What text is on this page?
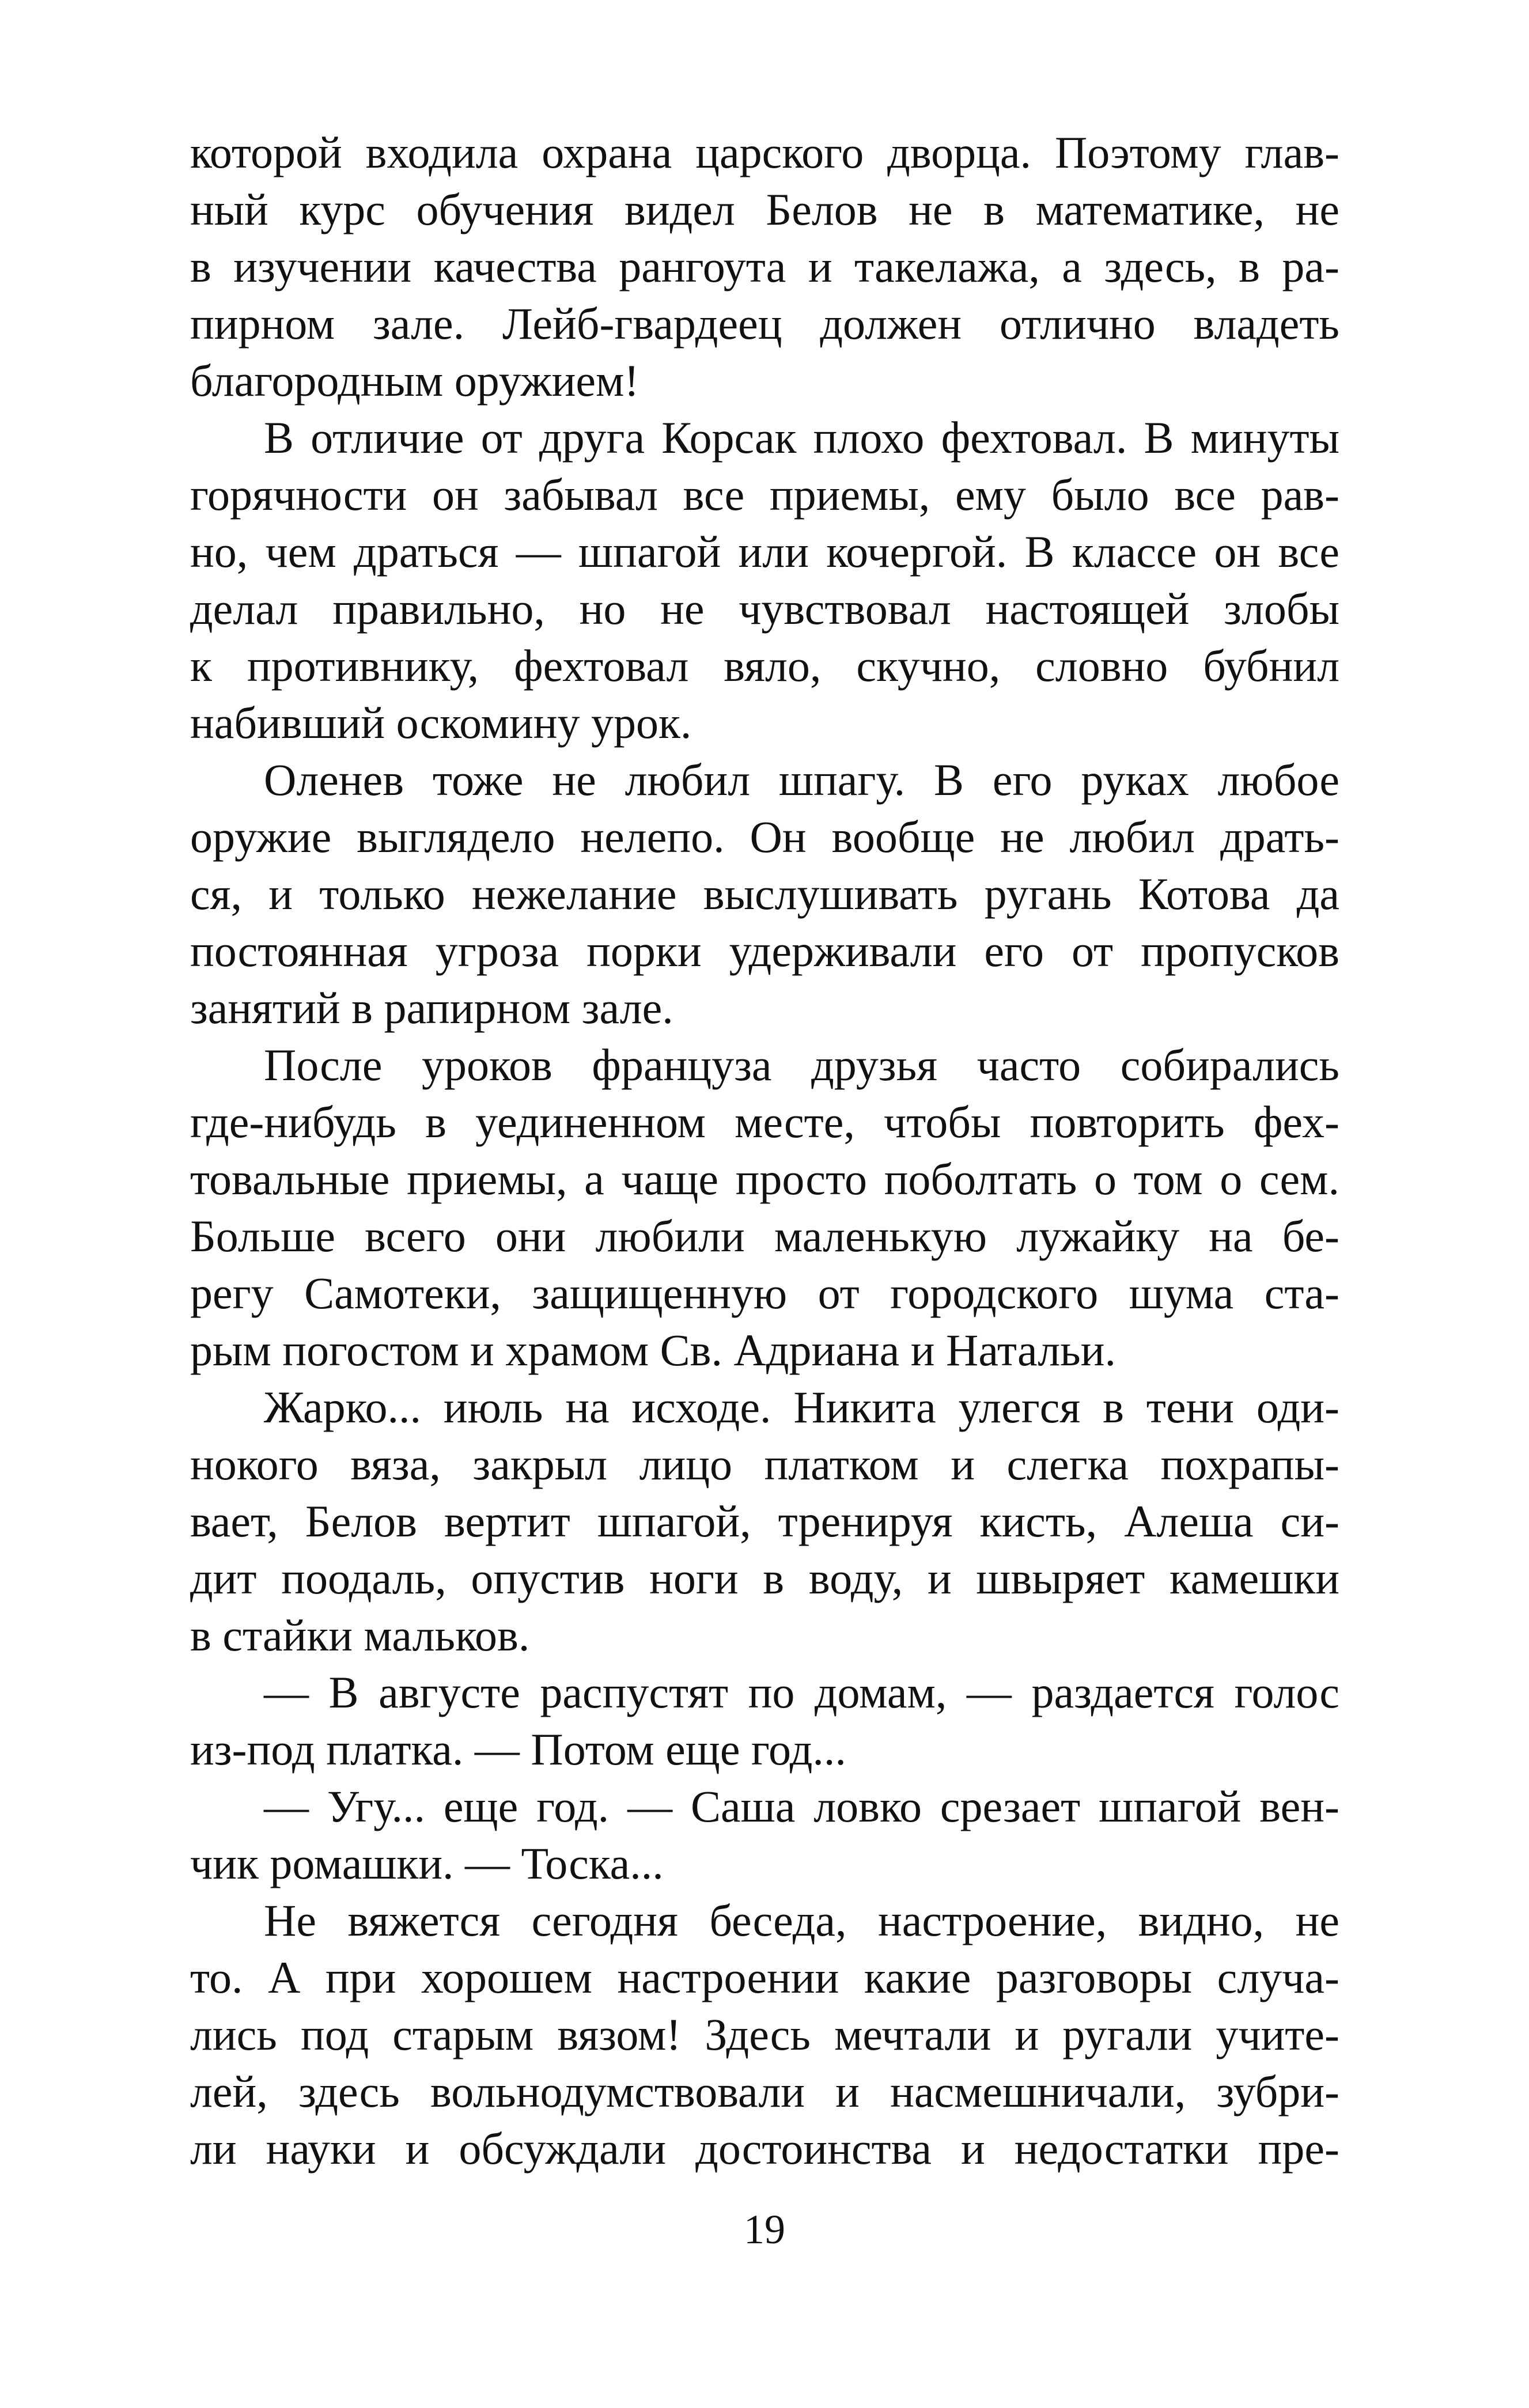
которой входила охрана царского дворца. Поэтому глав-
ный курс обучения видел Белов не в математике, не
в изучении качества рангоута и такелажа, а здесь, в ра-
пирном зале. Лейб-гвардеец должен отлично владеть
благородным оружием!

В отличие от друга Корсак плохо фехтовал. В минуты
горячности он забывал все приемы, ему было все рав-
но, чем драться — шпагой или кочергой. В классе он все
делал правильно, но не чувствовал настоящей злобы
к противнику, фехтовал вяло, скучно, словно бубнил
набивший оскомину урок.

Оленев тоже не любил шпагу. В его руках любое
оружие выглядело нелепо. Он вообще не любил драть-
ся, и только нежелание выслушивать ругань Котова да
постоянная угроза порки удерживали его от пропусков
занятий в рапирном зале.

После уроков француза друзья часто собирались
где-нибудь в уединенном месте, чтобы повторить фех-
товальные приемы, а чаще просто поболтать о том о сем.
Больше всего они любили маленькую лужайку на бе-
регу Самотеки, защищенную от городского шума ста-
рым погостом и храмом Св. Адриана и Натальи.

Жарко... июль на исходе. Никита улегся в тени оди-
нокого вяза, закрыл лицо платком и слегка похрапы-
вает, Белов вертит шпагой, тренируя кисть, Алеша си-
дит поодаль, опустив ноги в воду, и швыряет камешки
в стайки мальков.

— В августе распустят по домам, — раздается голос
из-под платка. — Потом еще год...

— Угу... еще год. — Саша ловко срезает шпагой вен-
чик ромашки. — Тоска...

Не вяжется сегодня беседа, настроение, видно, не
то. А при хорошем настроении какие разговоры случа-
лись под старым вязом! Здесь мечтали и ругали учите-
лей, здесь вольнодумствовали и насмешничали, зубри-
ли науки и обсуждали достоинства и недостатки пре-

19
